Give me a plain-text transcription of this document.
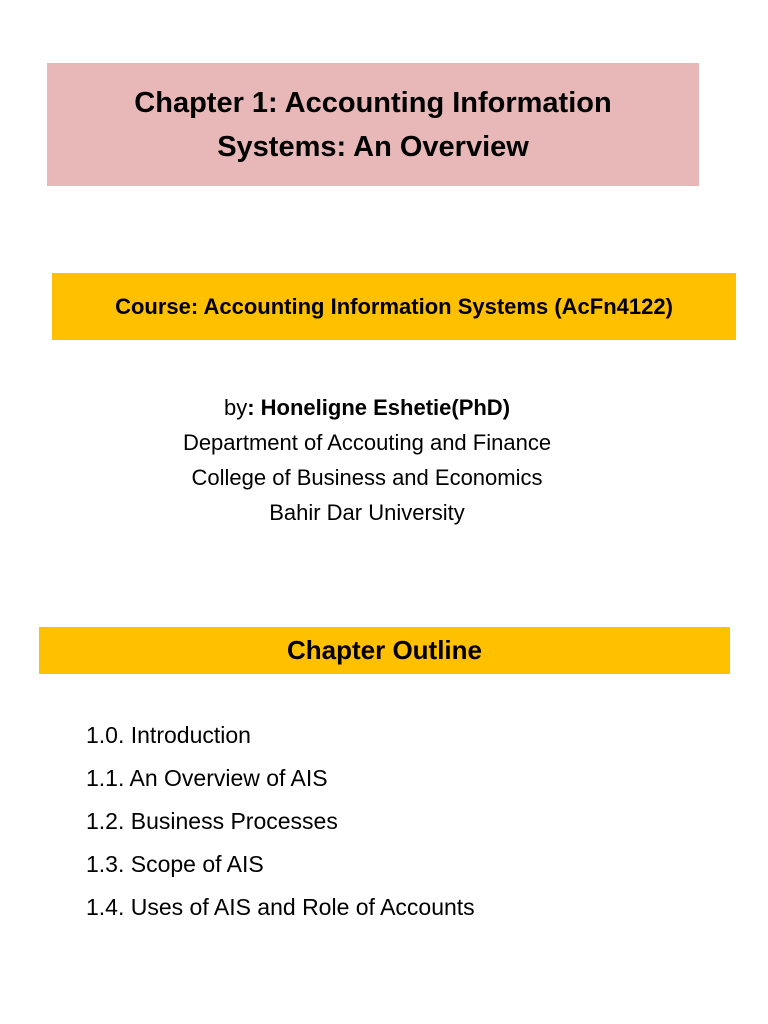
Chapter 1: Accounting Information Systems: An Overview
Course: Accounting Information Systems (AcFn4122)
by: Honeligne Eshetie(PhD)
Department of Accouting and Finance
College of Business and Economics
Bahir Dar University
Chapter Outline
1.0. Introduction
1.1. An Overview of AIS
1.2. Business Processes
1.3. Scope of AIS
1.4. Uses of AIS and Role of Accounts
